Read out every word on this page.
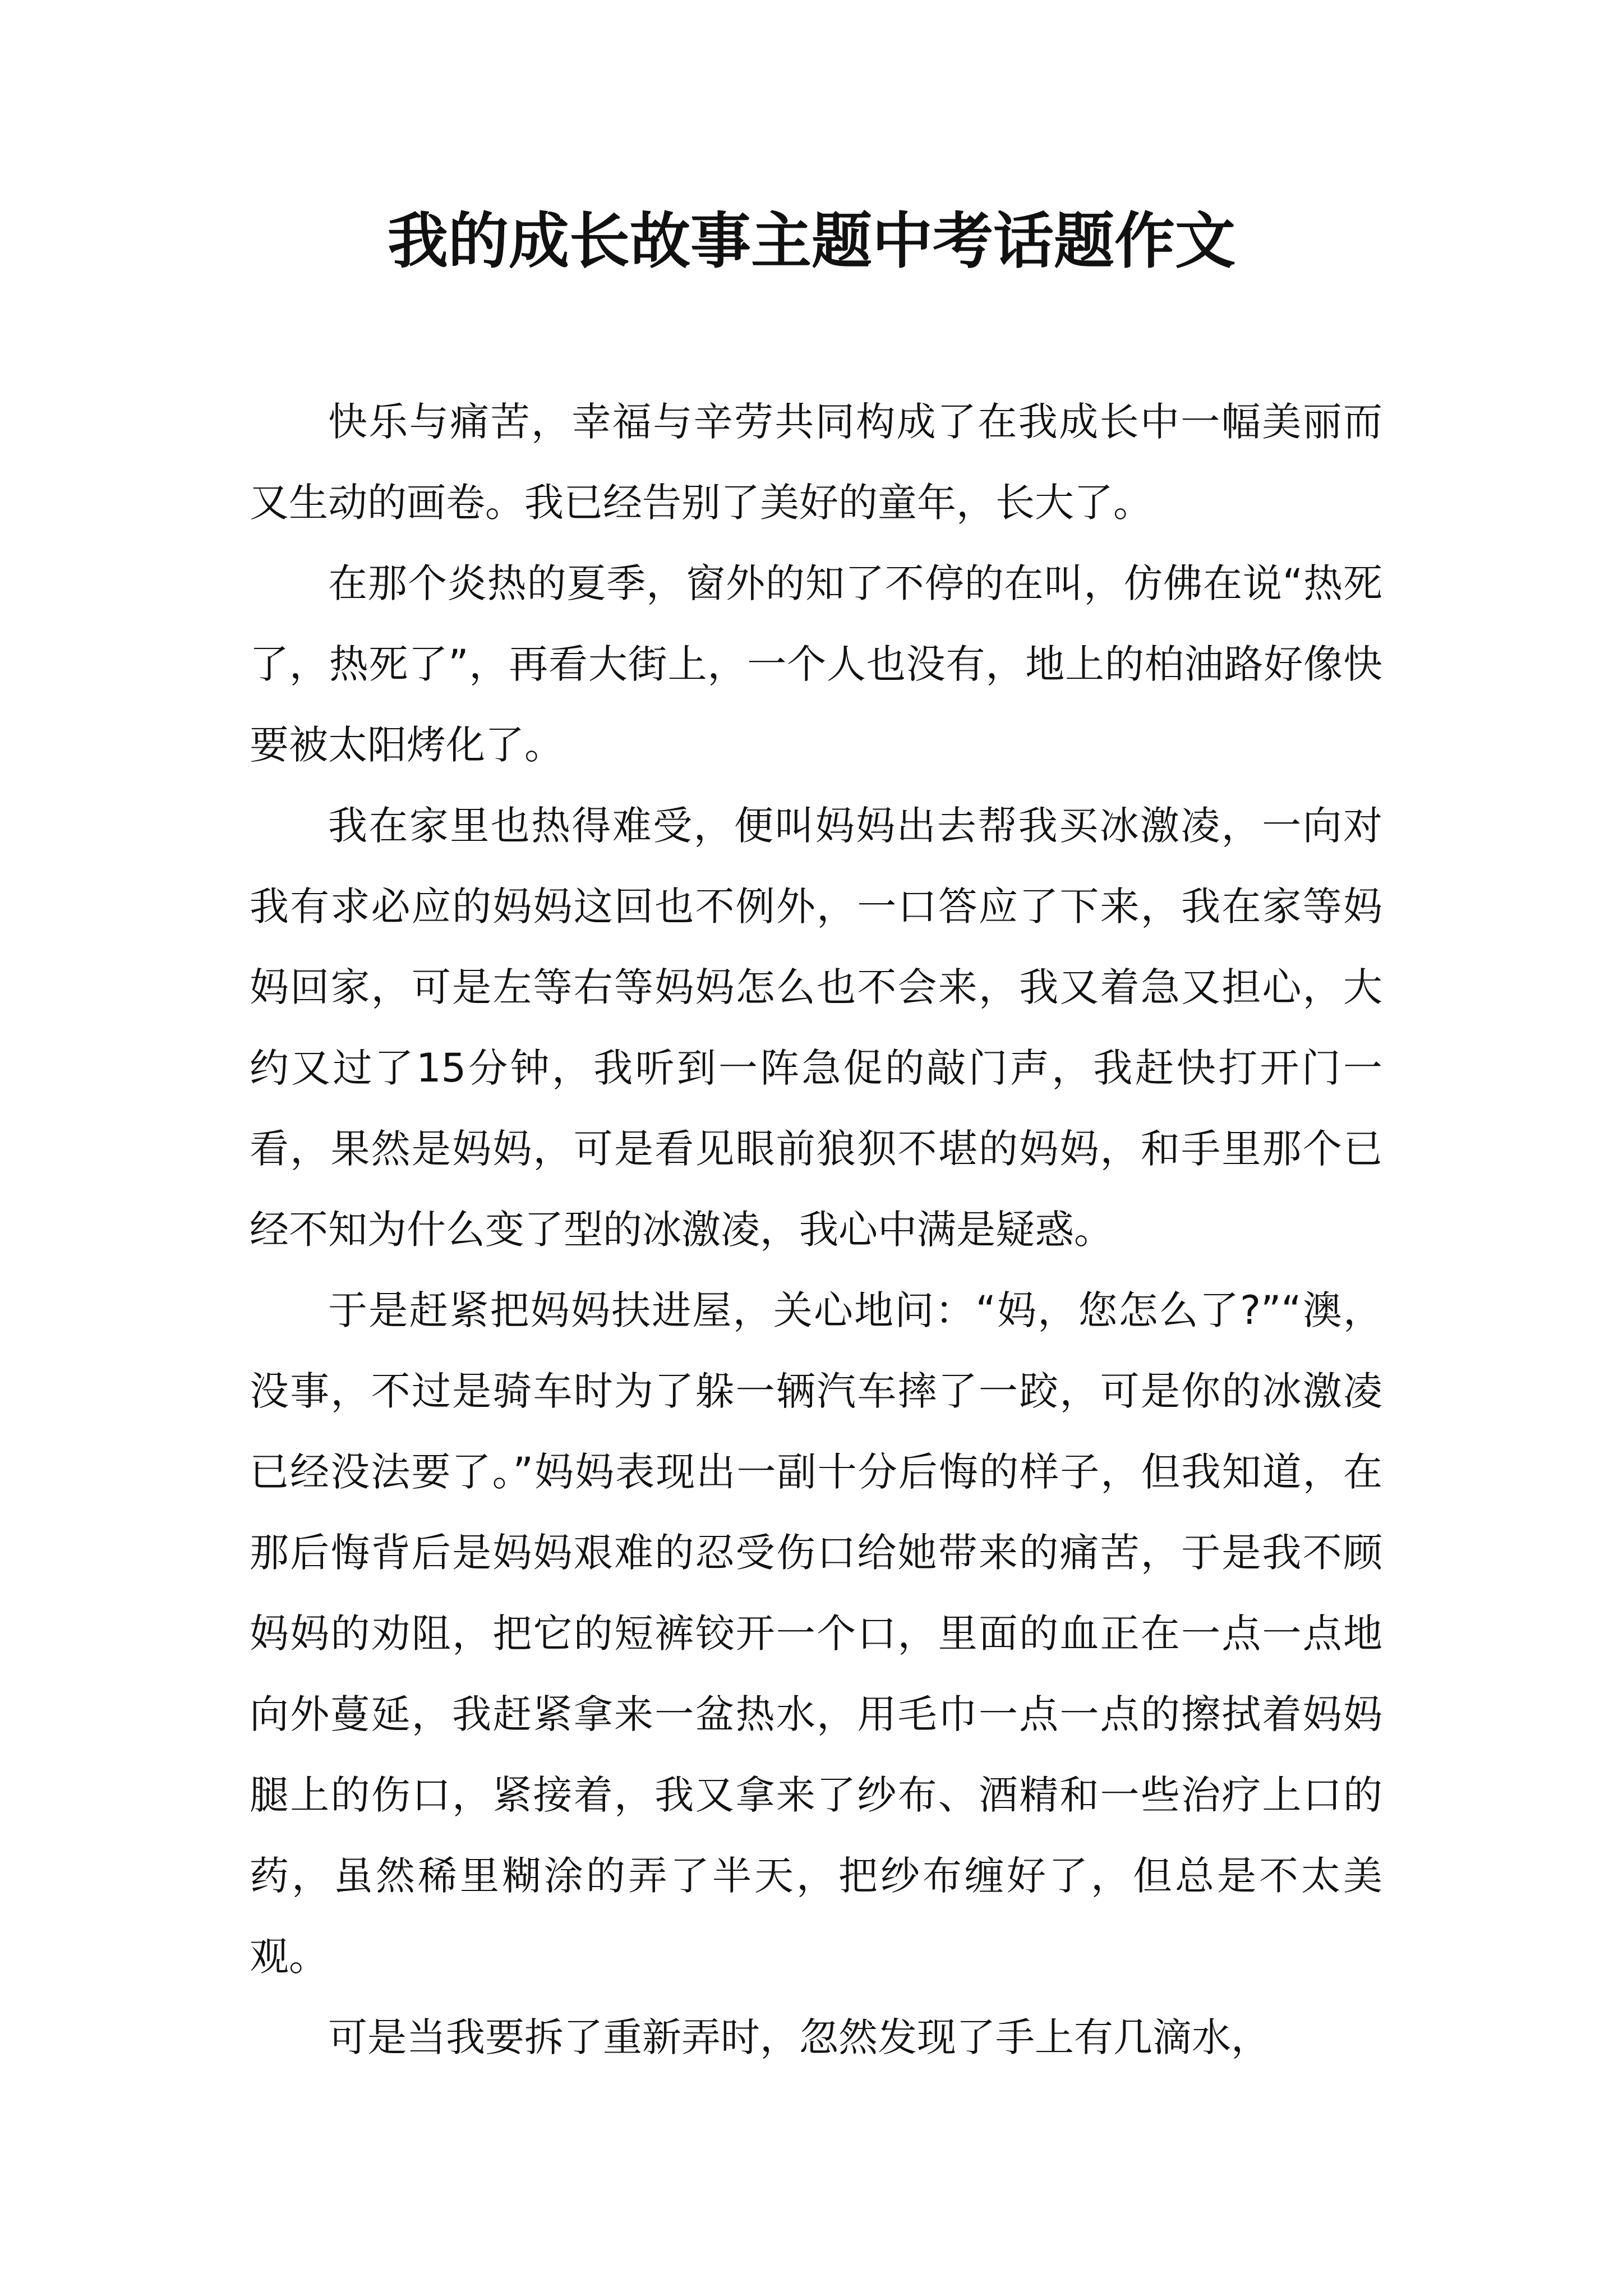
我的成长故事主题中考话题作文

快乐与痛苦，幸福与辛劳共同构成了在我成长中一幅美丽而又生动的画卷。我已经告别了美好的童年，长大了。

在那个炎热的夏季，窗外的知了不停的在叫，仿佛在说“热死了，热死了”，再看大街上，一个人也没有，地上的柏油路好像快要被太阳烤化了。

我在家里也热得难受，便叫妈妈出去帮我买冰激凌，一向对我有求必应的妈妈这回也不例外，一口答应了下来，我在家等妈妈回家，可是左等右等妈妈怎么也不会来，我又着急又担心，大约又过了15分钟，我听到一阵急促的敲门声，我赶快打开门一看，果然是妈妈，可是看见眼前狼狈不堪的妈妈，和手里那个已经不知为什么变了型的冰激凌，我心中满是疑惑。

于是赶紧把妈妈扶进屋，关心地问：“妈，您怎么了?”“澳，没事，不过是骑车时为了躲一辆汽车摔了一跤，可是你的冰激凌已经没法要了。”妈妈表现出一副十分后悔的样子，但我知道，在那后悔背后是妈妈艰难的忍受伤口给她带来的痛苦，于是我不顾妈妈的劝阻，把它的短裤铰开一个口，里面的血正在一点一点地向外蔓延，我赶紧拿来一盆热水，用毛巾一点一点的擦拭着妈妈腿上的伤口，紧接着，我又拿来了纱布、酒精和一些治疗上口的药，虽然稀里糊涂的弄了半天，把纱布缠好了，但总是不太美观。

可是当我要拆了重新弄时，忽然发现了手上有几滴水，
